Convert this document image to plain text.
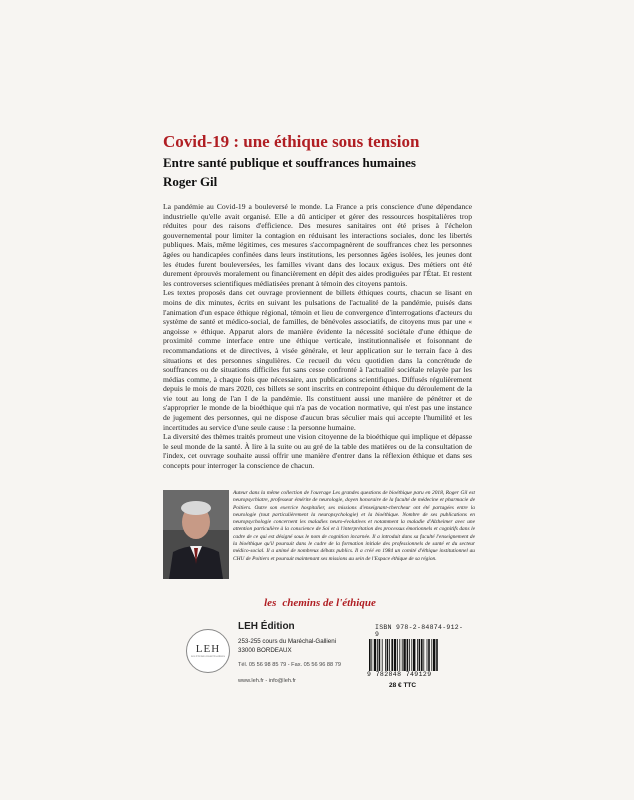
Covid-19 : une éthique sous tension
Entre santé publique et souffrances humaines
Roger Gil

La pandémie au Covid-19 a bouleversé le monde. La France a pris conscience d'une dépendance industrielle qu'elle avait organisé. Elle a dû anticiper et gérer des ressources hospitalières trop réduites pour des raisons d'efficience. Des mesures sanitaires ont été prises à l'échelon gouvernemental pour limiter la contagion en réduisant les interactions sociales, donc les libertés publiques. Mais, même légitimes, ces mesures s'accompagnèrent de souffrances chez les personnes âgées ou handicapées confinées dans leurs institutions, les personnes âgées isolées, les jeunes dont les études furent bouleversées, les familles vivant dans des locaux exigus. Des métiers ont été durement éprouvés moralement ou financièrement en dépit des aides prodiguées par l'État. Et restent les controverses scientifiques médiatisées prenant à témoin des citoyens pantois.

Les textes proposés dans cet ouvrage proviennent de billets éthiques courts, chacun se lisant en moins de dix minutes, écrits en suivant les pulsations de l'actualité de la pandémie, puisés dans l'animation d'un espace éthique régional, témoin et lieu de convergence d'interrogations d'acteurs du système de santé et médico-social, de familles, de bénévoles associatifs, de citoyens mus par une « angoisse » éthique. Apparut alors de manière évidente la nécessité sociétale d'une éthique de proximité comme interface entre une éthique verticale, institutionnalisée et foisonnant de recommandations et de directives, à visée générale, et leur application sur le terrain face à des situations et des personnes singulières. Ce recueil du vécu quotidien dans la concrétude de souffrances ou de situations difficiles fut sans cesse confronté à l'actualité sociétale relayée par les médias comme, à chaque fois que nécessaire, aux publications scientifiques. Diffusés régulièrement depuis le mois de mars 2020, ces billets se sont inscrits en contrepoint éthique du déroulement de la vie tout au long de l'an I de la pandémie. Ils constituent aussi une manière de pénétrer et de s'approprier le monde de la bioéthique qui n'a pas de vocation normative, qui n'est pas une instance de jugement des personnes, qui ne dispose d'aucun bras séculier mais qui accepte l'humilité et les incertitudes au service d'une seule cause : la personne humaine.

La diversité des thèmes traités promeut une vision citoyenne de la bioéthique qui implique et dépasse le seul monde de la santé. À lire à la suite ou au gré de la table des matières ou de la consultation de l'index, cet ouvrage souhaite aussi offrir une manière d'entrer dans la réflexion éthique et dans ses concepts pour interroger la conscience de chacun.

Auteur dans la même collection de l'ouvrage Les grandes questions de bioéthique paru en 2018, Roger Gil est neuropsychiatre, professeur émérite de neurologie, doyen honoraire de la faculté de médecine et pharmacie de Poitiers. Outre son exercice hospitalier, ses missions d'enseignant-chercheur ont été partagées entre la neurologie (tout particulièrement la neuropsychologie) et la bioéthique. Nombre de ses publications en neuropsychologie concernent les maladies neuro-évolutives et notamment la maladie d'Alzheimer avec une attention particulière à la conscience de Soi et à l'interprétation des processus émotionnels et cognitifs dans le cadre de ce qui est désigné sous le nom de cognition incarnée. Il a introduit dans sa faculté l'enseignement de la bioéthique qu'il poursuit dans le cadre de la formation initiale des professionnels de santé et du secteur médico-social. Il a animé de nombreux débats publics. Il a créé en 1984 un comité d'éthique institutionnel au CHU de Poitiers et poursuit maintenant ses missions au sein de l'Espace éthique de sa région.

les chemins de l'éthique
LEH
LES ÉTUDES HOSPITALIÈRES

LEH Édition

253-255 cours du Maréchal-Gallieni

33000 BORDEAUX

Tél. 05 56 98 85 79 - Fax. 05 56 96 88 79

www.leh.fr - info@leh.fr

ISBN 978-2-84874-912-9

9 782848 749129

28 € TTC
